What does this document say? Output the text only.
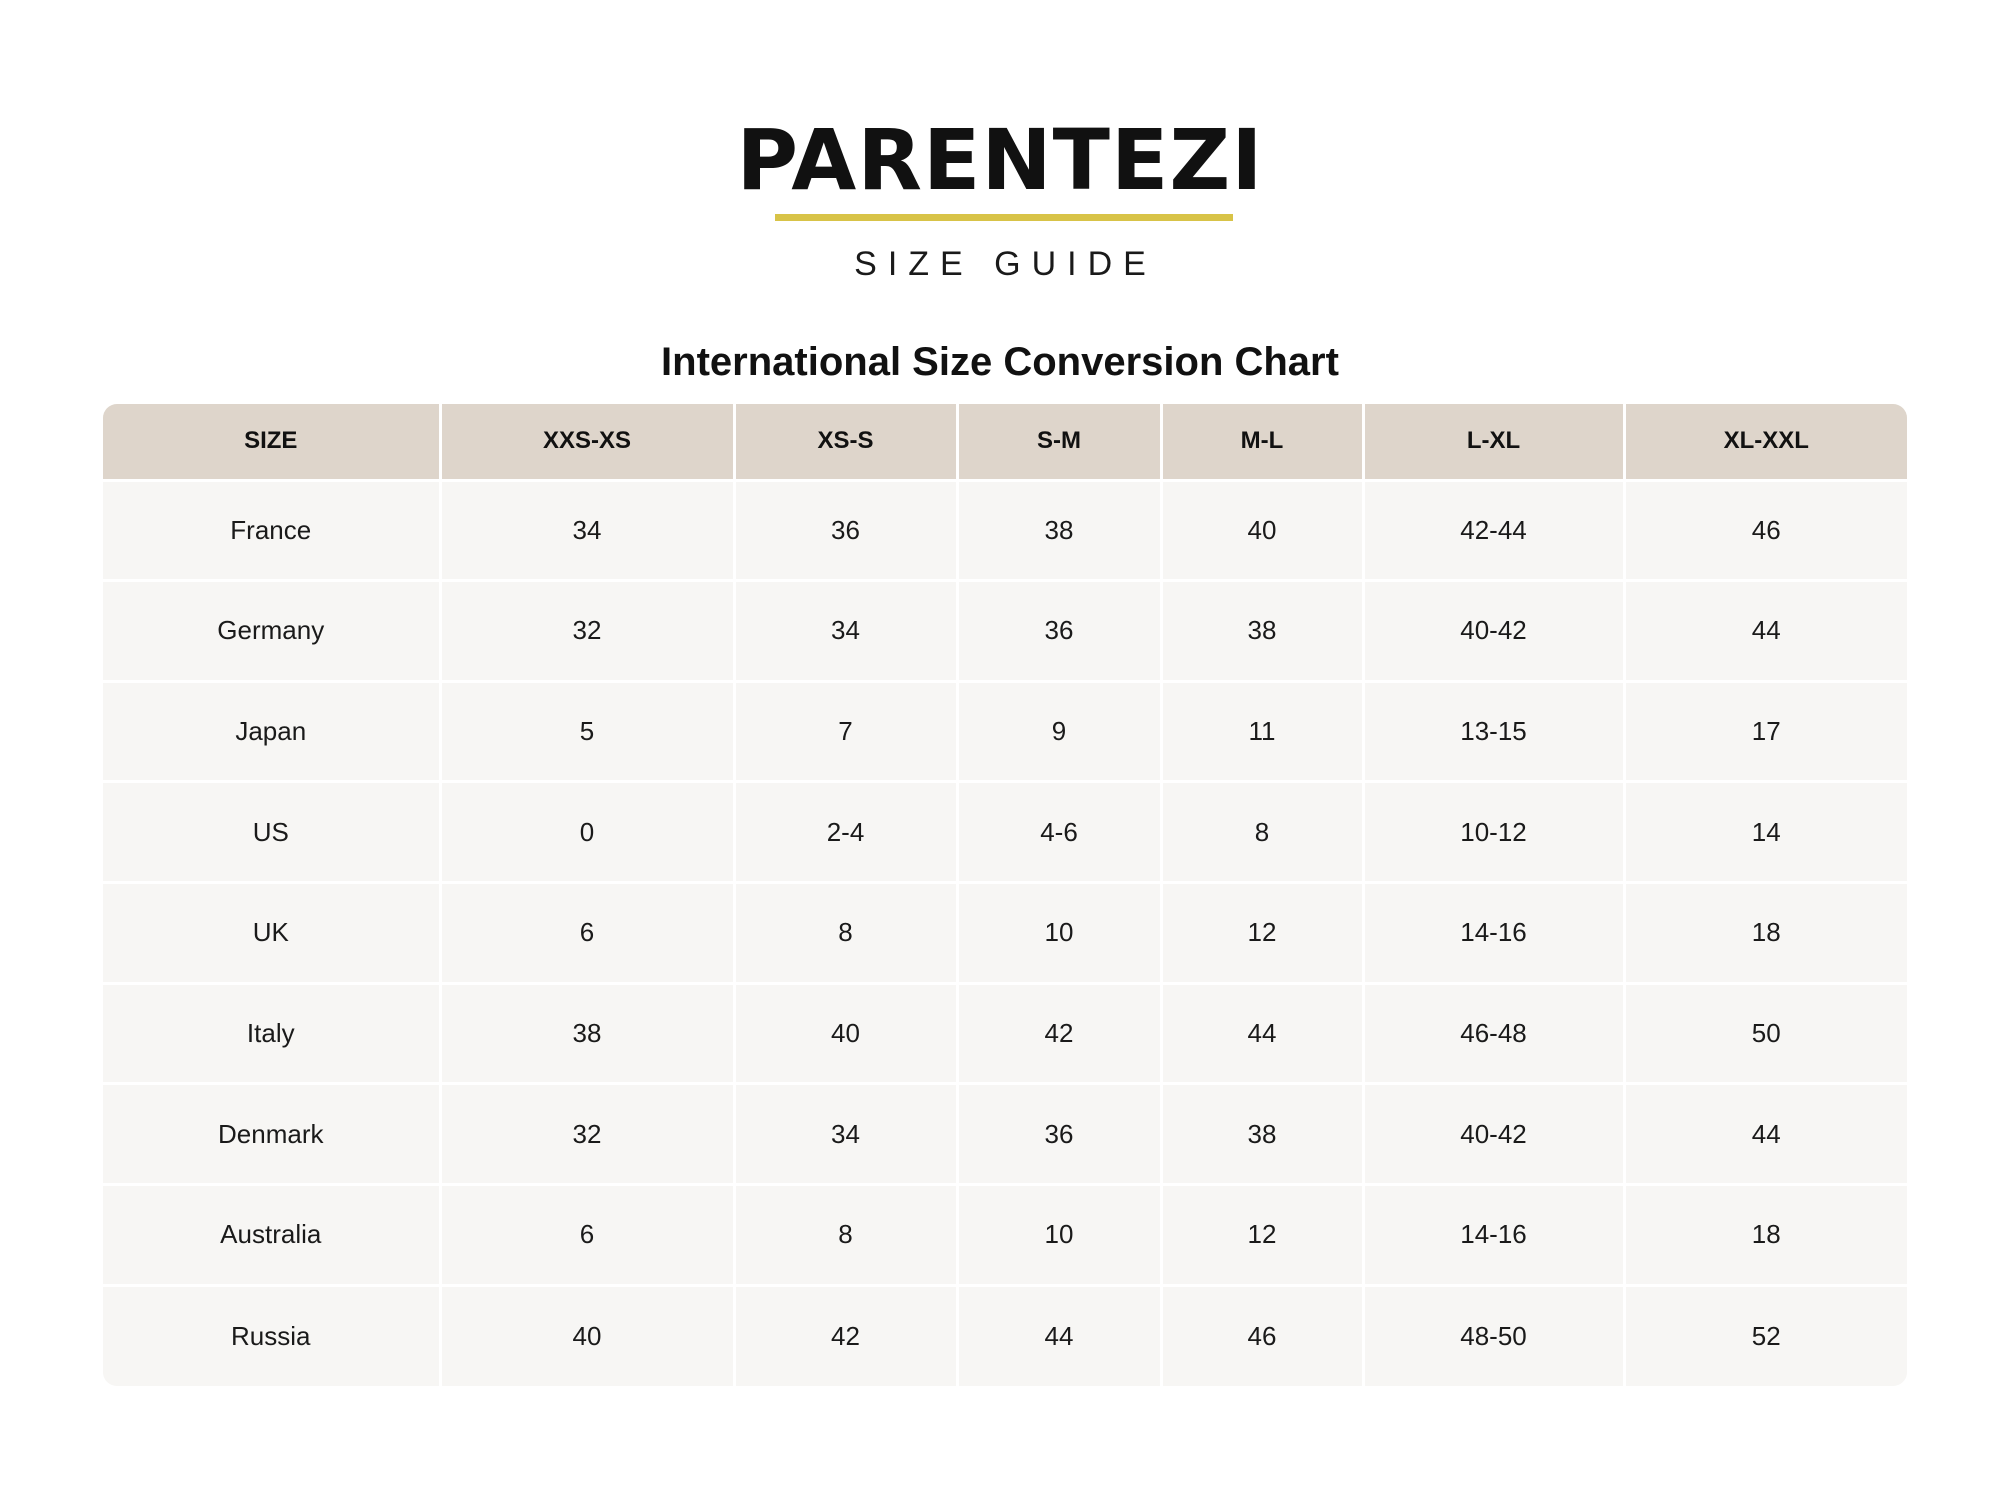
PARENTEZI
SIZE GUIDE
International Size Conversion Chart
SIZE	XXS-XS	XS-S	S-M	M-L	L-XL	XL-XXL
France	34	36	38	40	42-44	46
Germany	32	34	36	38	40-42	44
Japan	5	7	9	11	13-15	17
US	0	2-4	4-6	8	10-12	14
UK	6	8	10	12	14-16	18
Italy	38	40	42	44	46-48	50
Denmark	32	34	36	38	40-42	44
Australia	6	8	10	12	14-16	18
Russia	40	42	44	46	48-50	52
